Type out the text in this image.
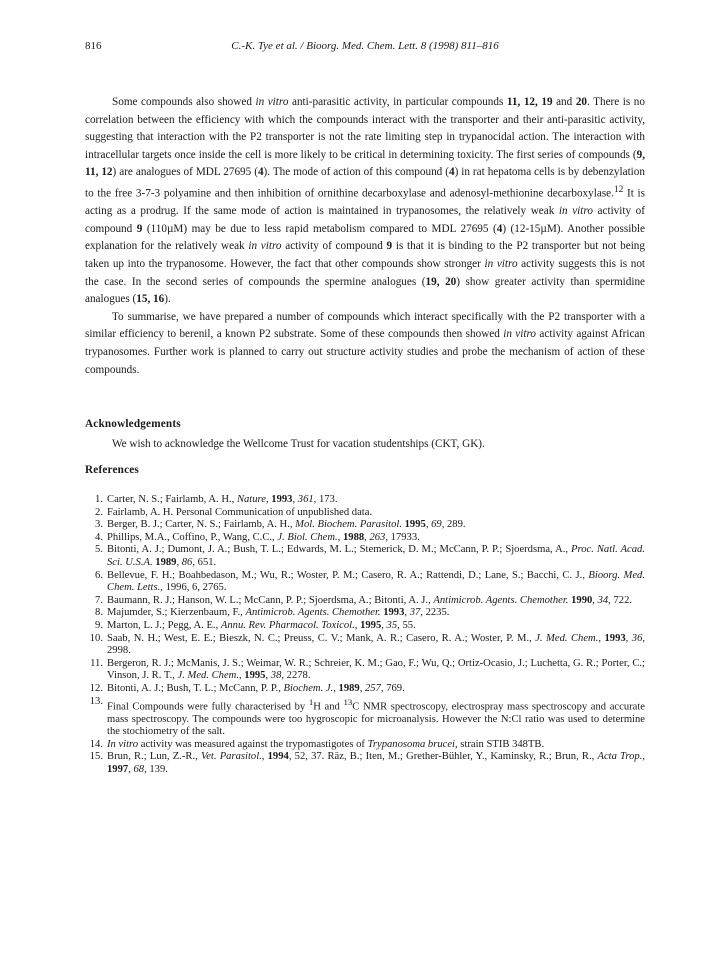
816	C.-K. Tye et al. / Bioorg. Med. Chem. Lett. 8 (1998) 811–816

Some compounds also showed in vitro anti-parasitic activity, in particular compounds 11, 12, 19 and 20. There is no correlation between the efficiency with which the compounds interact with the transporter and their anti-parasitic activity, suggesting that interaction with the P2 transporter is not the rate limiting step in trypanocidal action. The interaction with intracellular targets once inside the cell is more likely to be critical in determining toxicity. The first series of compounds (9, 11, 12) are analogues of MDL 27695 (4). The mode of action of this compound (4) in rat hepatoma cells is by debenzylation to the free 3-7-3 polyamine and then inhibition of ornithine decarboxylase and adenosyl-methionine decarboxylase.$^{12}$ It is acting as a prodrug. If the same mode of action is maintained in trypanosomes, the relatively weak in vitro activity of compound 9 (110µM) may be due to less rapid metabolism compared to MDL 27695 (4) (12-15µM). Another possible explanation for the relatively weak in vitro activity of compound 9 is that it is binding to the P2 transporter but not being taken up into the trypanosome. However, the fact that other compounds show stronger in vitro activity suggests this is not the case. In the second series of compounds the spermine analogues (19, 20) show greater activity than spermidine analogues (15, 16).

To summarise, we have prepared a number of compounds which interact specifically with the P2 transporter with a similar efficiency to berenil, a known P2 substrate. Some of these compounds then showed in vitro activity against African trypanosomes. Further work is planned to carry out structure activity studies and probe the mechanism of action of these compounds.

Acknowledgements
We wish to acknowledge the Wellcome Trust for vacation studentships (CKT, GK).
References
1. Carter, N. S.; Fairlamb, A. H., Nature, 1993, 361, 173.
2. Fairlamb, A. H. Personal Communication of unpublished data.
3. Berger, B. J.; Carter, N. S.; Fairlamb, A. H., Mol. Biochem. Parasitol. 1995, 69, 289.
4. Phillips, M.A., Coffino, P., Wang, C.C., J. Biol. Chem., 1988, 263, 17933.
5. Bitonti, A. J.; Dumont, J. A.; Bush, T. L.; Edwards, M. L.; Stemerick, D. M.; McCann, P. P.; Sjoerdsma, A., Proc. Natl. Acad. Sci. U.S.A. 1989, 86, 651.
6. Bellevue, F. H.; Boahbedason, M.; Wu, R.; Woster, P. M.; Casero, R. A.; Rattendi, D.; Lane, S.; Bacchi, C. J., Bioorg. Med. Chem. Letts., 1996, 6, 2765.
7. Baumann, R. J.; Hanson, W. L.; McCann, P. P.; Sjoerdsma, A.; Bitonti, A. J., Antimicrob. Agents. Chemother. 1990, 34, 722.
8. Majumder, S.; Kierzenbaum, F., Antimicrob. Agents. Chemother. 1993, 37, 2235.
9. Marton, L. J.; Pegg, A. E., Annu. Rev. Pharmacol. Toxicol., 1995, 35, 55.
10. Saab, N. H.; West, E. E.; Bieszk, N. C.; Preuss, C. V.; Mank, A. R.; Casero, R. A.; Woster, P. M., J. Med. Chem., 1993, 36, 2998.
11. Bergeron, R. J.; McManis, J. S.; Weimar, W. R.; Schreier, K. M.; Gao, F.; Wu, Q.; Ortiz-Ocasio, J.; Luchetta, G. R.; Porter, C.; Vinson, J. R. T., J. Med. Chem., 1995, 38, 2278.
12. Bitonti, A. J.; Bush, T. L.; McCann, P. P., Biochem. J., 1989, 257, 769.
13.
Final Compounds were fully characterised by $^1$H and $^{13}$C NMR spectroscopy, electrospray mass spectroscopy and accurate mass spectroscopy. The compounds were too hygroscopic for microanalysis. However the N:Cl ratio was used to determine the stochiometry of the salt.
14. In vitro activity was measured against the trypomastigotes of Trypanosoma brucei, strain STIB 348TB.
15. Brun, R.; Lun, Z.-R., Vet. Parasitol., 1994, 52, 37. Räz, B.; Iten, M.; Grether-Bühler, Y., Kaminsky, R.; Brun, R., Acta Trop., 1997, 68, 139.
